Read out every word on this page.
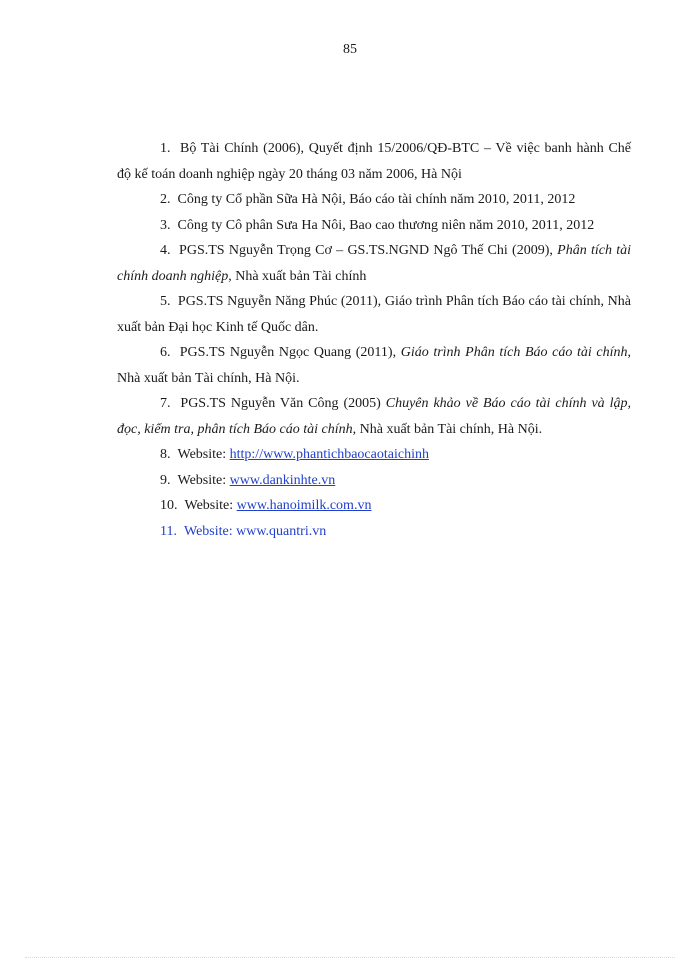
85
1. Bộ Tài Chính (2006), Quyết định 15/2006/QĐ-BTC – Về việc banh hành Chế độ kế toán doanh nghiệp ngày 20 tháng 03 năm 2006, Hà Nội
2. Công ty Cổ phần Sữa Hà Nội, Báo cáo tài chính năm 2010, 2011, 2012
3. Công ty Cô phân Sưa Ha Nôi, Bao cao thương niên năm 2010, 2011, 2012
4. PGS.TS Nguyễn Trọng Cơ – GS.TS.NGND Ngô Thế Chi (2009), Phân tích tài chính doanh nghiệp, Nhà xuất bản Tài chính
5. PGS.TS Nguyễn Năng Phúc (2011), Giáo trình Phân tích Báo cáo tài chính, Nhà xuất bản Đại học Kinh tế Quốc dân.
6. PGS.TS Nguyễn Ngọc Quang (2011), Giáo trình Phân tích Báo cáo tài chính, Nhà xuất bản Tài chính, Hà Nội.
7. PGS.TS Nguyễn Văn Công (2005) Chuyên khảo về Báo cáo tài chính và lập, đọc, kiểm tra, phân tích Báo cáo tài chính, Nhà xuất bản Tài chính, Hà Nội.
8. Website: http://www.phantichbaocaotaichinh
9. Website: www.dankinhte.vn
10. Website: www.hanoimilk.com.vn
11. Website: www.quantri.vn
